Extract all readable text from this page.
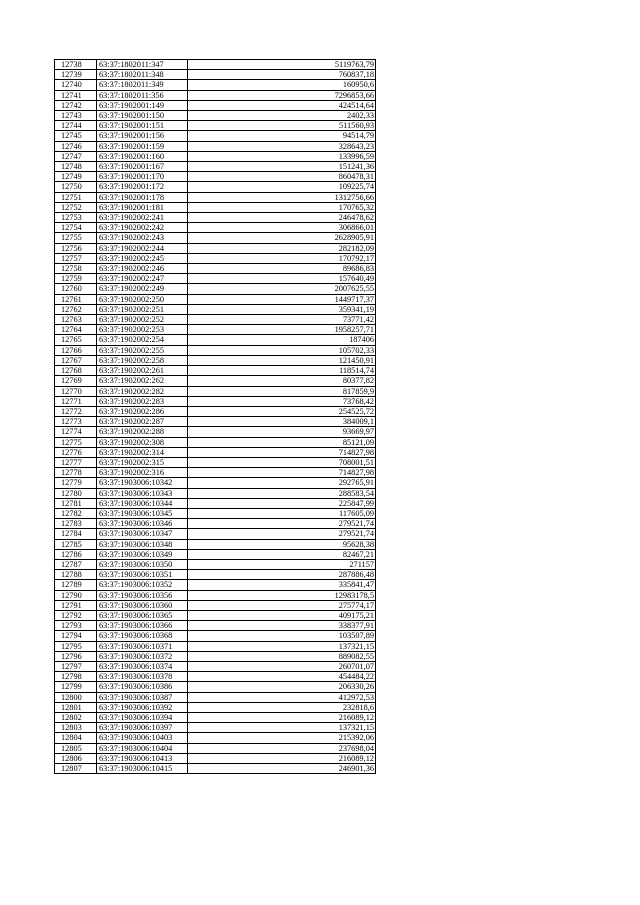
12738	63:37:1802011:347	5119763,79
12739	63:37:1802011:348	760837,18
12740	63:37:1802011:349	160950,6
12741	63:37:1802011:356	7296853,66
12742	63:37:1902001:149	424514,64
12743	63:37:1902001:150	2402,33
12744	63:37:1902001:151	511560,93
12745	63:37:1902001:156	94514,79
12746	63:37:1902001:159	328643,23
12747	63:37:1902001:160	133996,59
12748	63:37:1902001:167	151241,36
12749	63:37:1902001:170	860478,31
12750	63:37:1902001:172	109225,74
12751	63:37:1902001:178	1312756,66
12752	63:37:1902001:181	170765,32
12753	63:37:1902002:241	246478,62
12754	63:37:1902002:242	306866,01
12755	63:37:1902002:243	2628905,91
12756	63:37:1902002:244	282182,09
12757	63:37:1902002:245	170792,17
12758	63:37:1902002:246	89686,83
12759	63:37:1902002:247	157640,49
12760	63:37:1902002:249	2007625,55
12761	63:37:1902002:250	1449717,37
12762	63:37:1902002:251	359341,19
12763	63:37:1902002:252	73771,42
12764	63:37:1902002:253	1958257,71
12765	63:37:1902002:254	187406
12766	63:37:1902002:255	105702,33
12767	63:37:1902002:258	121450,91
12768	63:37:1902002:261	118514,74
12769	63:37:1902002:262	80377,82
12770	63:37:1902002:282	817859,9
12771	63:37:1902002:283	73768,42
12772	63:37:1902002:286	254525,72
12773	63:37:1902002:287	384009,1
12774	63:37:1902002:288	93669,97
12775	63:37:1902002:308	85121,09
12776	63:37:1902002:314	714827,98
12777	63:37:1902002:315	708001,51
12778	63:37:1902002:316	714827,98
12779	63:37:1903006:10342	292765,91
12780	63:37:1903006:10343	288583,54
12781	63:37:1903006:10344	225847,99
12782	63:37:1903006:10345	117605,09
12783	63:37:1903006:10346	279521,74
12784	63:37:1903006:10347	279521,74
12785	63:37:1903006:10348	95628,38
12786	63:37:1903006:10349	82467,21
12787	63:37:1903006:10350	271157
12788	63:37:1903006:10351	287886,48
12789	63:37:1903006:10352	335841,47
12790	63:37:1903006:10356	12983178,5
12791	63:37:1903006:10360	275774,17
12792	63:37:1903006:10365	409175,21
12793	63:37:1903006:10366	338377,91
12794	63:37:1903006:10368	103507,89
12795	63:37:1903006:10371	137321,15
12796	63:37:1903006:10372	889082,55
12797	63:37:1903006:10374	260701,07
12798	63:37:1903006:10378	454484,22
12799	63:37:1903006:10386	206330,26
12800	63:37:1903006:10387	412972,53
12801	63:37:1903006:10392	232818,6
12802	63:37:1903006:10394	216089,12
12803	63:37:1903006:10397	137321,15
12804	63:37:1903006:10403	215392,06
12805	63:37:1903006:10404	237698,04
12806	63:37:1903006:10413	216089,12
12807	63:37:1903006:10415	246901,36
